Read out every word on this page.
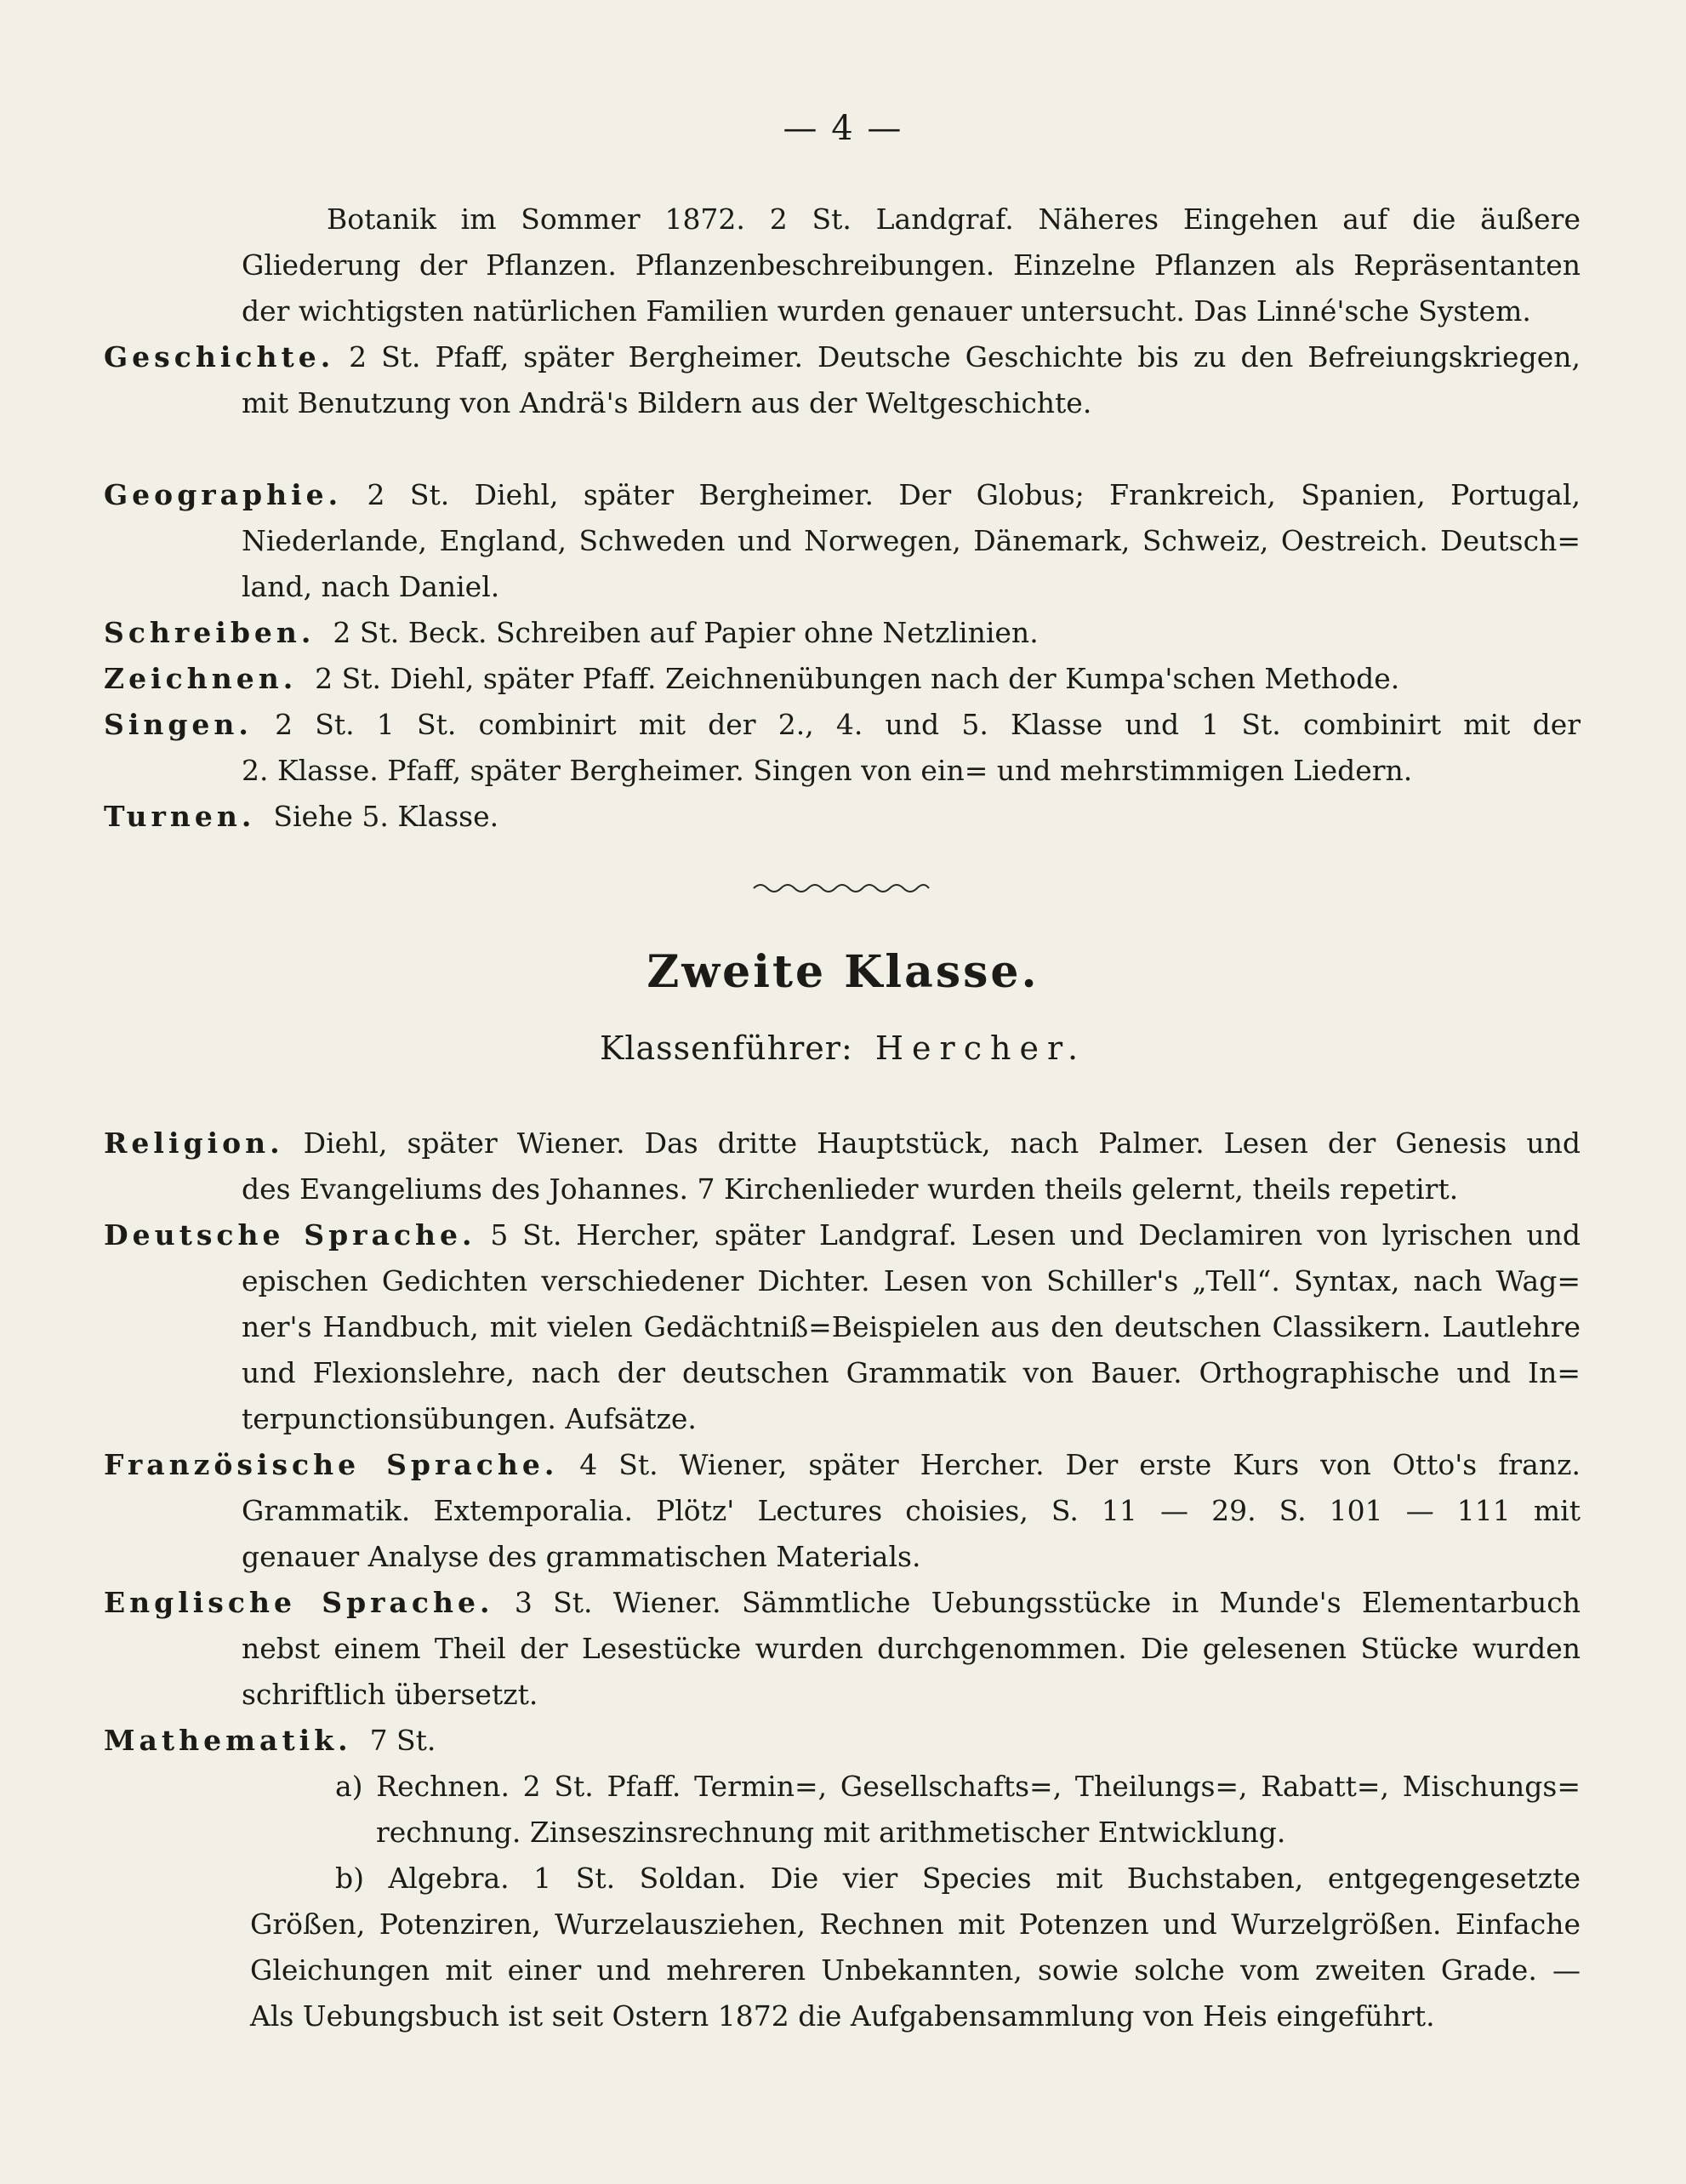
— 4 —
Botanik im Sommer 1872. 2 St. Landgraf. Näheres Eingehen auf die äußere
Gliederung der Pflanzen. Pflanzenbeschreibungen. Einzelne Pflanzen als Repräsentanten
der wichtigsten natürlichen Familien wurden genauer untersucht. Das Linné'sche System.
Geschichte. 2 St. Pfaff, später Bergheimer. Deutsche Geschichte bis zu den Befreiungskriegen,
mit Benutzung von Andrä's Bildern aus der Weltgeschichte.
Geographie. 2 St. Diehl, später Bergheimer. Der Globus; Frankreich, Spanien, Portugal,
Niederlande, England, Schweden und Norwegen, Dänemark, Schweiz, Oestreich. Deutsch=
land, nach Daniel.
Schreiben. 2 St. Beck. Schreiben auf Papier ohne Netzlinien.
Zeichnen. 2 St. Diehl, später Pfaff. Zeichnenübungen nach der Kumpa'schen Methode.
Singen. 2 St. 1 St. combinirt mit der 2., 4. und 5. Klasse und 1 St. combinirt mit der
2. Klasse. Pfaff, später Bergheimer. Singen von ein= und mehrstimmigen Liedern.
Turnen. Siehe 5. Klasse.
Zweite Klasse.
Klassenführer: Hercher.
Religion. Diehl, später Wiener. Das dritte Hauptstück, nach Palmer. Lesen der Genesis und
des Evangeliums des Johannes. 7 Kirchenlieder wurden theils gelernt, theils repetirt.
Deutsche Sprache. 5 St. Hercher, später Landgraf. Lesen und Declamiren von lyrischen und
epischen Gedichten verschiedener Dichter. Lesen von Schiller's „Tell“. Syntax, nach Wag=
ner's Handbuch, mit vielen Gedächtniß=Beispielen aus den deutschen Classikern. Lautlehre
und Flexionslehre, nach der deutschen Grammatik von Bauer. Orthographische und In=
terpunctionsübungen. Aufsätze.
Französische Sprache. 4 St. Wiener, später Hercher. Der erste Kurs von Otto's franz.
Grammatik. Extemporalia. Plötz' Lectures choisies, S. 11 — 29. S. 101 — 111 mit
genauer Analyse des grammatischen Materials.
Englische Sprache. 3 St. Wiener. Sämmtliche Uebungsstücke in Munde's Elementarbuch
nebst einem Theil der Lesestücke wurden durchgenommen. Die gelesenen Stücke wurden
schriftlich übersetzt.
Mathematik. 7 St.
a) Rechnen. 2 St. Pfaff. Termin=, Gesellschafts=, Theilungs=, Rabatt=, Mischungs=
rechnung. Zinseszinsrechnung mit arithmetischer Entwicklung.
b) Algebra. 1 St. Soldan. Die vier Species mit Buchstaben, entgegengesetzte
Größen, Potenziren, Wurzelausziehen, Rechnen mit Potenzen und Wurzelgrößen. Einfache
Gleichungen mit einer und mehreren Unbekannten, sowie solche vom zweiten Grade. —
Als Uebungsbuch ist seit Ostern 1872 die Aufgabensammlung von Heis eingeführt.
